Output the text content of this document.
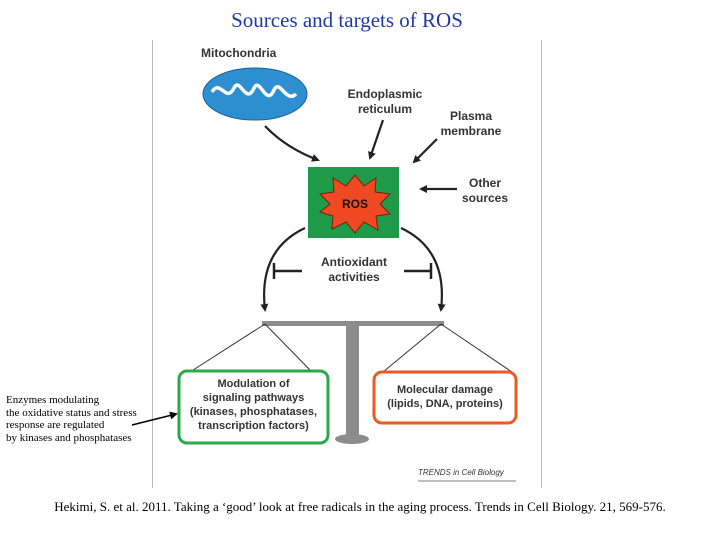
Sources and targets of ROS
Mitochondria
Endoplasmic
reticulum	Plasma
membrane
Other
sources
ROS
Antioxidant
activities
Modulation of
signaling pathways
(kinases, phosphatases,
transcription factors)
Molecular damage
(lipids, DNA, proteins)
TRENDS in Cell Biology
Enzymes modulating
the oxidative status and stress
response are regulated
by kinases and phosphatases
Hekimi, S. et al. 2011. Taking a ‘good’ look at free radicals in the aging process. Trends in Cell Biology. 21, 569-576.
